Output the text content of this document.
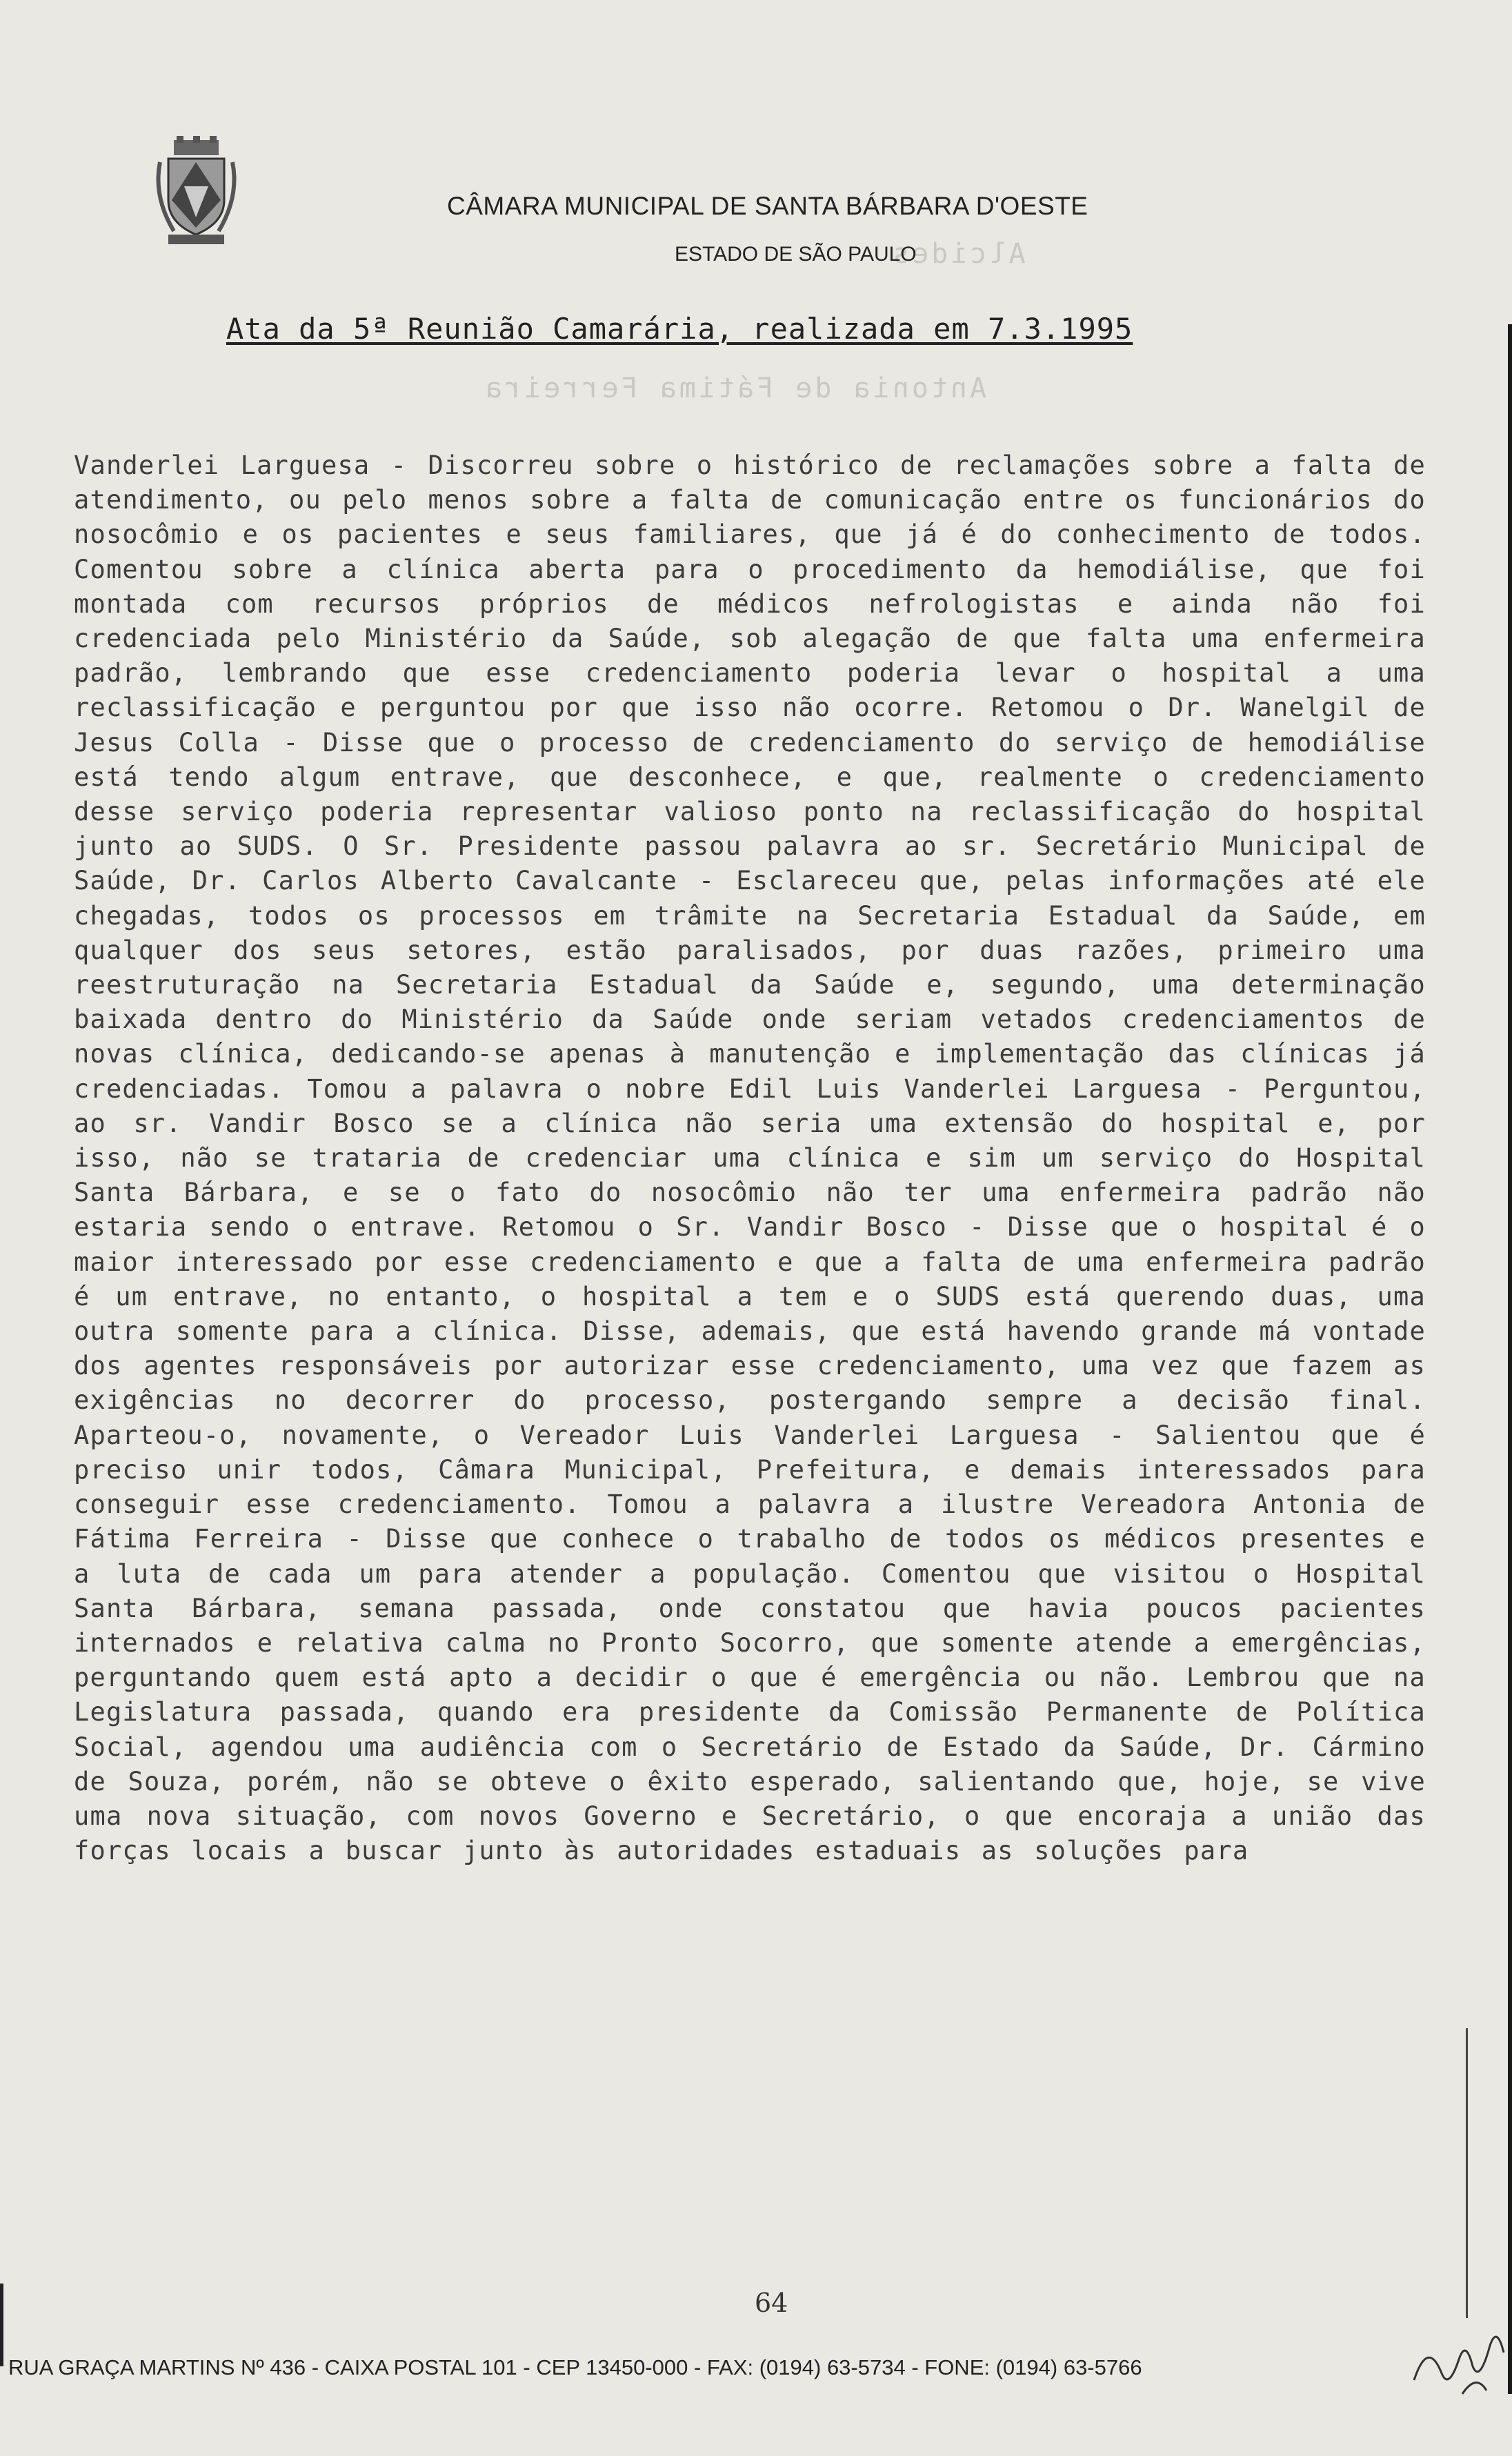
Alcides
Antonia de Fátima Ferreira
CÂMARA MUNICIPAL DE SANTA BÁRBARA D'OESTE
ESTADO DE SÃO PAULO
Ata da 5ª Reunião Camarária, realizada em 7.3.1995

Vanderlei Larguesa - Discorreu sobre o histórico de reclamações sobre a falta de atendimento, ou pelo menos sobre a falta de comunicação entre os funcionários do nosocômio e os pacientes e seus familiares, que já é do conhecimento de todos. Comentou sobre a clínica aberta para o procedimento da hemodiálise, que foi montada com recursos próprios de médicos nefrologistas e ainda não foi credenciada pelo Ministério da Saúde, sob alegação de que falta uma enfermeira padrão, lembrando que esse credenciamento poderia levar o hospital a uma reclassificação e perguntou por que isso não ocorre. Retomou o Dr. Wanelgil de Jesus Colla - Disse que o processo de credenciamento do serviço de hemodiálise está tendo algum entrave, que desconhece, e que, realmente o credenciamento desse serviço poderia representar valioso ponto na reclassificação do hospital junto ao SUDS. O Sr. Presidente passou palavra ao sr. Secretário Municipal de Saúde, Dr. Carlos Alberto Cavalcante - Esclareceu que, pelas informações até ele chegadas, todos os processos em trâmite na Secretaria Estadual da Saúde, em qualquer dos seus setores, estão paralisados, por duas razões, primeiro uma reestruturação na Secretaria Estadual da Saúde e, segundo, uma determinação baixada dentro do Ministério da Saúde onde seriam vetados credenciamentos de novas clínica, dedicando-se apenas à manutenção e implementação das clínicas já credenciadas. Tomou a palavra o nobre Edil Luis Vanderlei Larguesa - Perguntou, ao sr. Vandir Bosco se a clínica não seria uma extensão do hospital e, por isso, não se trataria de credenciar uma clínica e sim um serviço do Hospital Santa Bárbara, e se o fato do nosocômio não ter uma enfermeira padrão não estaria sendo o entrave. Retomou o Sr. Vandir Bosco - Disse que o hospital é o maior interessado por esse credenciamento e que a falta de uma enfermeira padrão é um entrave, no entanto, o hospital a tem e o SUDS está querendo duas, uma outra somente para a clínica. Disse, ademais, que está havendo grande má vontade dos agentes responsáveis por autorizar esse credenciamento, uma vez que fazem as exigências no decorrer do processo, postergando sempre a decisão final. Aparteou-o, novamente, o Vereador Luis Vanderlei Larguesa - Salientou que é preciso unir todos, Câmara Municipal, Prefeitura, e demais interessados para conseguir esse credenciamento. Tomou a palavra a ilustre Vereadora Antonia de Fátima Ferreira - Disse que conhece o trabalho de todos os médicos presentes e a luta de cada um para atender a população. Comentou que visitou o Hospital Santa Bárbara, semana passada, onde constatou que havia poucos pacientes internados e relativa calma no Pronto Socorro, que somente atende a emergências, perguntando quem está apto a decidir o que é emergência ou não. Lembrou que na Legislatura passada, quando era presidente da Comissão Permanente de Política Social, agendou uma audiência com o Secretário de Estado da Saúde, Dr. Cármino de Souza, porém, não se obteve o êxito esperado, salientando que, hoje, se vive uma nova situação, com novos Governo e Secretário, o que encoraja a união das forças locais a buscar junto às autoridades estaduais as soluções para

64
RUA GRAÇA MARTINS Nº 436 - CAIXA POSTAL 101 - CEP 13450-000 - FAX: (0194) 63-5734 - FONE: (0194) 63-5766
